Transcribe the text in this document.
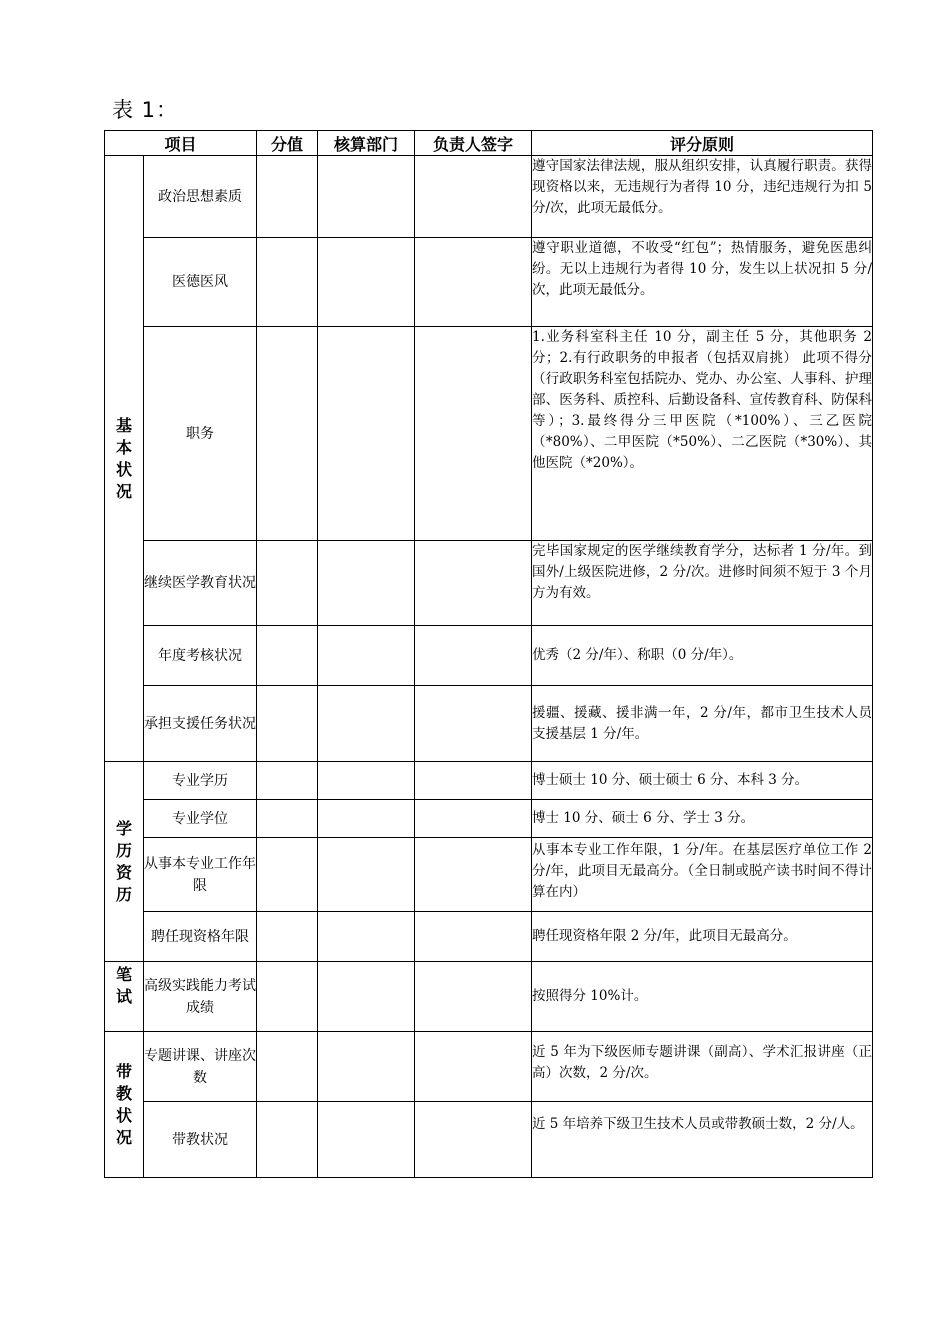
表 1：
项目		分值	核算部门	负责人签字	评分原则

基本状况	政治思想素质				遵守国家法律法规，服从组织安排，认真履行职责。获得现资格以来，无违规行为者得 10 分，违纪违规行为扣 5 分/次，此项无最低分。
	医德医风				遵守职业道德，不收受“红包”；热情服务，避免医患纠纷。无以上违规行为者得 10 分，发生以上状况扣 5 分/次，此项无最低分。
	职务				1.业务科室科主任 10 分，副主任 5 分，其他职务 2 分；2.有行政职务的申报者（包括双肩挑） 此项不得分（行政职务科室包括院办、党办、办公室、人事科、护理部、医务科、质控科、后勤设备科、宣传教育科、防保科等）；3.最终得分三甲医院（*100%）、三乙医院（*80%）、二甲医院（*50%）、二乙医院（*30%）、其他医院（*20%）。
	继续医学教育状况				完毕国家规定的医学继续教育学分，达标者 1 分/年。到国外/上级医院进修，2 分/次。进修时间须不短于 3 个月方为有效。
	年度考核状况				优秀（2 分/年）、称职（0 分/年）。
	承担支援任务状况				援疆、援藏、援非满一年，2 分/年，都市卫生技术人员支援基层 1 分/年。

学历资历	专业学历				博士硕士 10 分、硕士硕士 6 分、本科 3 分。
	专业学位				博士 10 分、硕士 6 分、学士 3 分。
	从事本专业工作年限				从事本专业工作年限，1 分/年。在基层医疗单位工作 2 分/年，此项目无最高分。（全日制或脱产读书时间不得计算在内）
	聘任现资格年限				聘任现资格年限 2 分/年，此项目无最高分。

笔试	高级实践能力考试成绩				按照得分 10%计。

带教状况	专题讲课、讲座次数				近 5 年为下级医师专题讲课（副高）、学术汇报讲座（正高）次数，2 分/次。
	带教状况				近 5 年培养下级卫生技术人员或带教硕士数，2 分/人。
